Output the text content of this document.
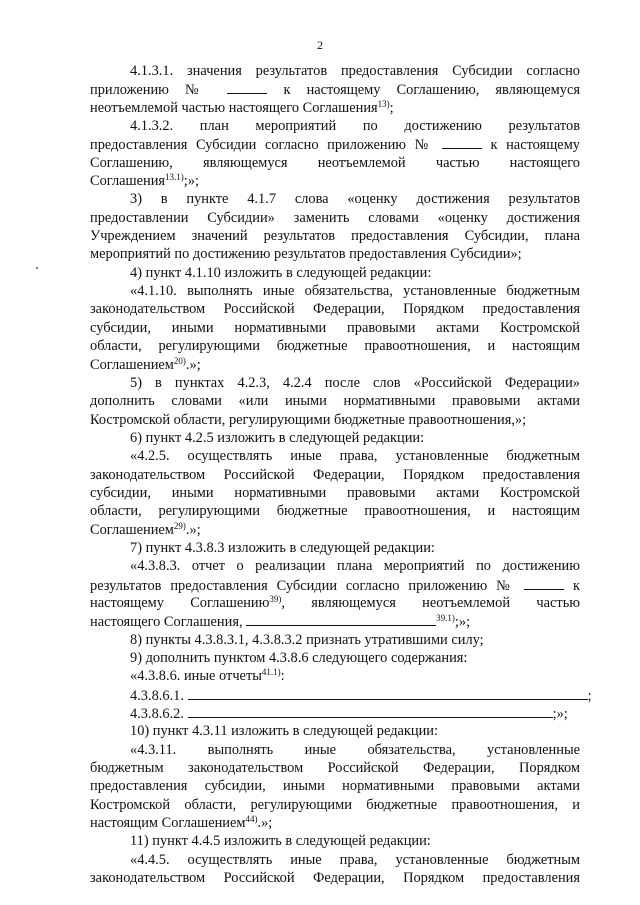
2
4.1.3.1. значения результатов предоставления Субсидии согласно
приложению №	к настоящему Соглашению, являющемуся
неотъемлемой частью настоящего Соглашения$^{13)}$;
4.1.3.2. план мероприятий по достижению результатов
предоставления Субсидии согласно приложению №	к настоящему
Соглашению, являющемуся неотъемлемой частью настоящего
Соглашения$^{13.1)}$;»;
3) в пункте 4.1.7 слова «оценку достижения результатов
предоставлении Субсидии» заменить словами «оценку достижения
Учреждением значений результатов предоставления Субсидии, плана
мероприятий по достижению результатов предоставления Субсидии»;
4) пункт 4.1.10 изложить в следующей редакции:
«4.1.10. выполнять иные обязательства, установленные бюджетным
законодательством Российской Федерации, Порядком предоставления
субсидии, иными нормативными правовыми актами Костромской
области, регулирующими бюджетные правоотношения, и настоящим
Соглашением$^{20)}$.»;
5) в пунктах 4.2.3, 4.2.4 после слов «Российской Федерации»
дополнить словами «или иными нормативными правовыми актами
Костромской области, регулирующими бюджетные правоотношения,»;
6) пункт 4.2.5 изложить в следующей редакции:
«4.2.5. осуществлять иные права, установленные бюджетным
законодательством Российской Федерации, Порядком предоставления
субсидии, иными нормативными правовыми актами Костромской
области, регулирующими бюджетные правоотношения, и настоящим
Соглашением$^{29)}$.»;
7) пункт 4.3.8.3 изложить в следующей редакции:
«4.3.8.3. отчет о реализации плана мероприятий по достижению
результатов предоставления Субсидии согласно приложению №	к
настоящему Соглашению$^{39)}$, являющемуся неотъемлемой частью
настоящего Соглашения,	$^{39.1)}$;»;
8) пункты 4.3.8.3.1, 4.3.8.3.2 признать утратившими силу;
9) дополнить пунктом 4.3.8.6 следующего содержания:
«4.3.8.6. иные отчеты$^{41.1)}$:
4.3.8.6.1.	;
4.3.8.6.2.	;»;
10) пункт 4.3.11 изложить в следующей редакции:
«4.3.11. выполнять иные обязательства, установленные
бюджетным законодательством Российской Федерации, Порядком
предоставления субсидии, иными нормативными правовыми актами
Костромской области, регулирующими бюджетные правоотношения, и
настоящим Соглашением$^{44)}$.»;
11) пункт 4.4.5 изложить в следующей редакции:
«4.4.5. осуществлять иные права, установленные бюджетным
законодательством Российской Федерации, Порядком предоставления
